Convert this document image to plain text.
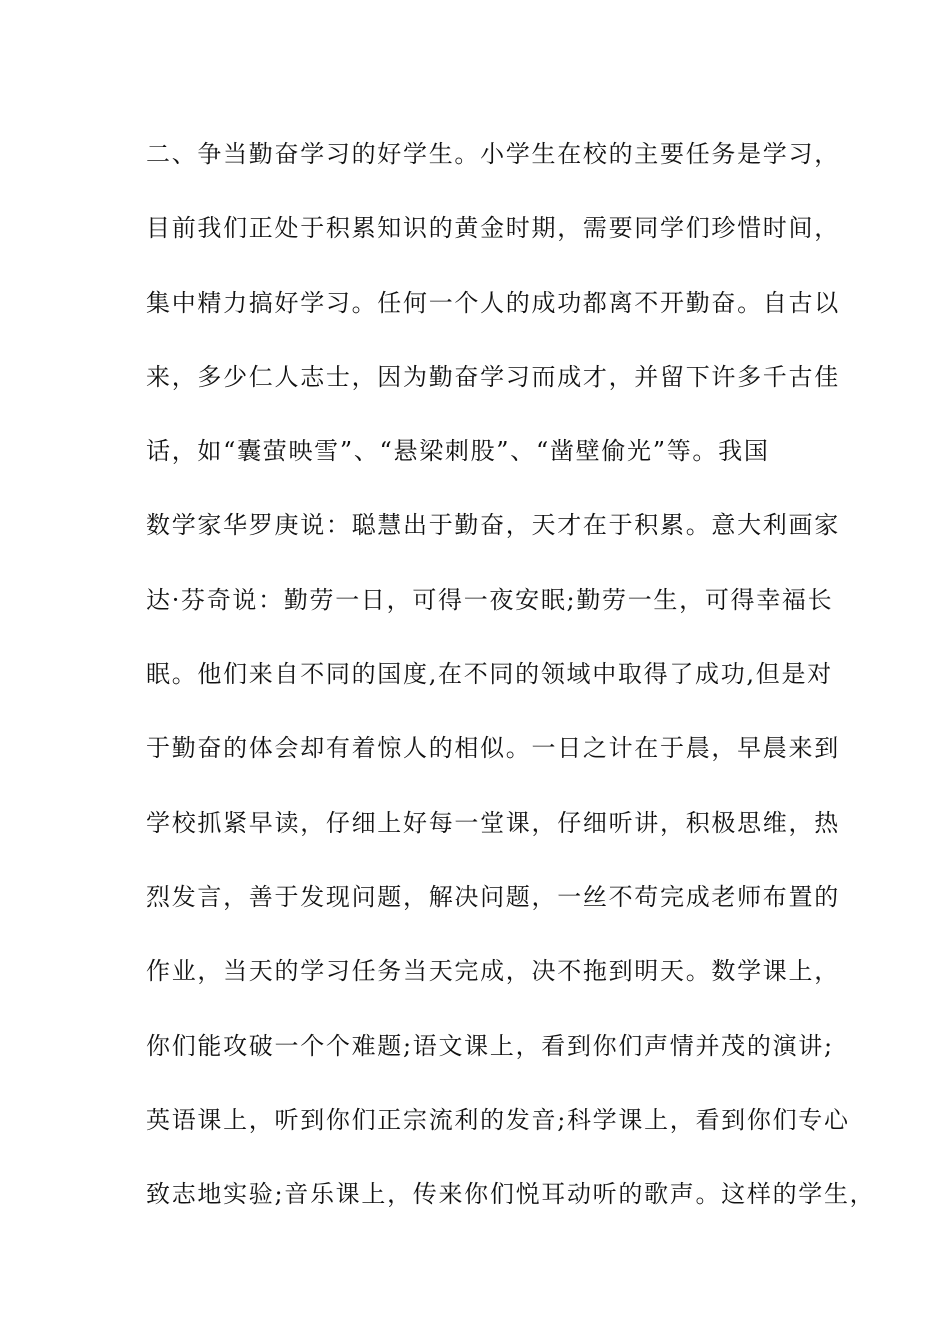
二、争当勤奋学习的好学生。小学生在校的主要任务是学习，
目前我们正处于积累知识的黄金时期，需要同学们珍惜时间，
集中精力搞好学习。任何一个人的成功都离不开勤奋。自古以
来，多少仁人志士，因为勤奋学习而成才，并留下许多千古佳
话，如“囊萤映雪”、“悬梁刺股”、“凿壁偷光”等。我国
数学家华罗庚说：聪慧出于勤奋，天才在于积累。意大利画家
达·芬奇说：勤劳一日，可得一夜安眠;勤劳一生，可得幸福长
眠。他们来自不同的国度,在不同的领域中取得了成功,但是对
于勤奋的体会却有着惊人的相似。一日之计在于晨，早晨来到
学校抓紧早读，仔细上好每一堂课，仔细听讲，积极思维，热
烈发言，善于发现问题，解决问题，一丝不苟完成老师布置的
作业，当天的学习任务当天完成，决不拖到明天。数学课上，
你们能攻破一个个难题;语文课上，看到你们声情并茂的演讲;
英语课上，听到你们正宗流利的发音;科学课上，看到你们专心
致志地实验;音乐课上，传来你们悦耳动听的歌声。这样的学生，
